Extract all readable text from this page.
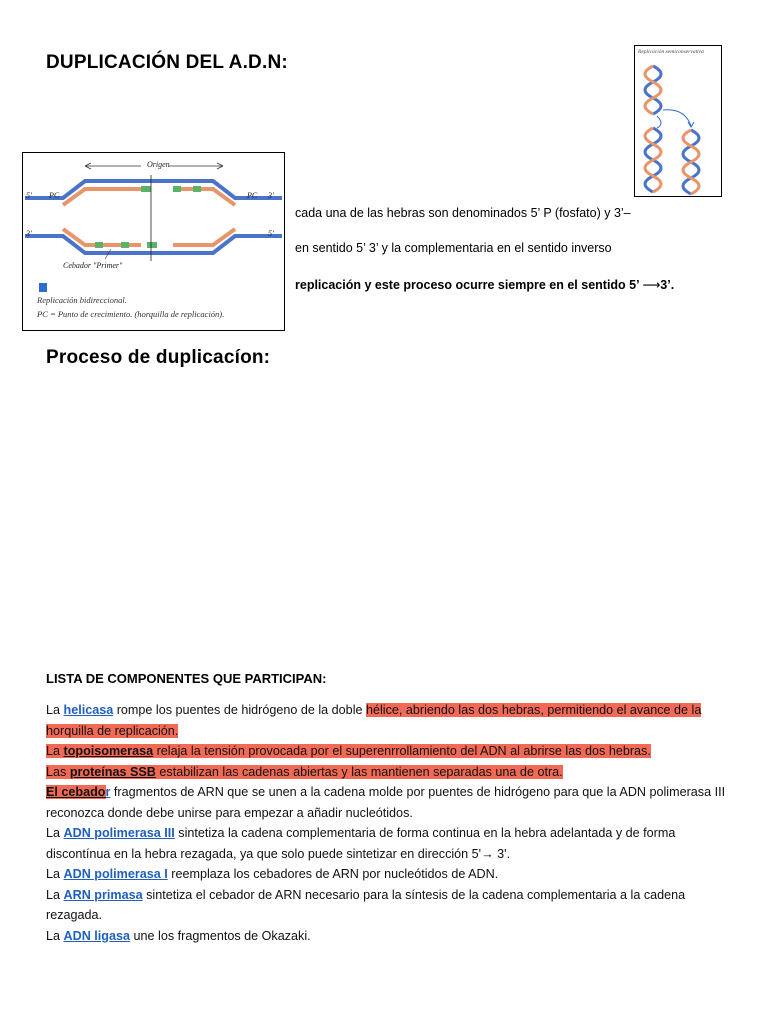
DUPLICACIÓN DEL A.D.N:	Replicación semiconservativa
Origen
PC	PC
5'	3'
3'	5'
Cebador "Primer"
Replicación bidireccional.
PC = Punto de crecimiento. (horquilla de replicación).
cada una de las hebras son denominados 5’ P (fosfato) y 3’–
en sentido 5’ 3’ y la complementaria en el sentido inverso
replicación y este proceso ocurre siempre en el sentido 5’ ⟶3’.
Proceso de duplicacíon:
LISTA DE COMPONENTES QUE PARTICIPAN:

La helicasa rompe los puentes de hidrógeno de la doble hélice, abriendo las dos hebras, permitiendo el avance de la horquilla de replicación.

La topoisomerasa relaja la tensión provocada por el superenrrollamiento del ADN al abrirse las dos hebras.

Las proteínas SSB estabilizan las cadenas abiertas y las mantienen separadas una de otra.

El cebador fragmentos de ARN que se unen a la cadena molde por puentes de hidrógeno para que la ADN polimerasa III reconozca donde debe unirse para empezar a añadir nucleótidos.

La ADN polimerasa III sintetiza la cadena complementaria de forma continua en la hebra adelantada y de forma discontínua en la hebra rezagada, ya que solo puede sintetizar en dirección 5'→ 3'.

La ADN polimerasa I reemplaza los cebadores de ARN por nucleótidos de ADN.

La ARN primasa sintetiza el cebador de ARN necesario para la síntesis de la cadena complementaria a la cadena rezagada.

La ADN ligasa une los fragmentos de Okazaki.
